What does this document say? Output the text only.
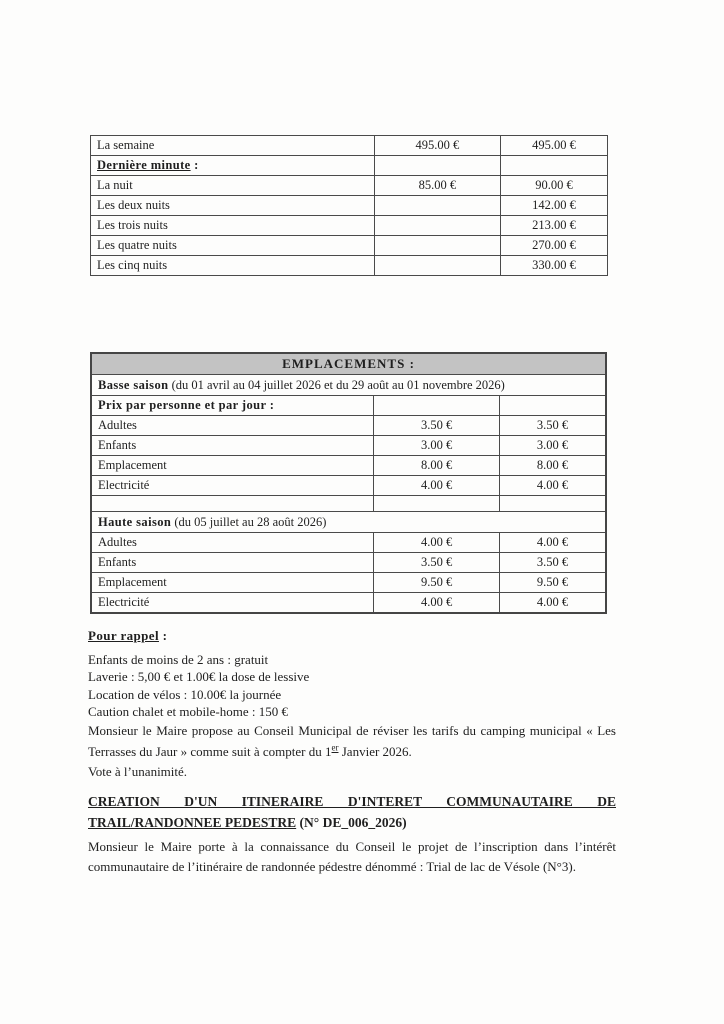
La semaine	495.00 €	495.00 €
Dernière minute :		
La nuit	85.00 €	90.00 €
Les deux nuits		142.00 €
Les trois nuits		213.00 €
Les quatre nuits		270.00 €
Les cinq nuits		330.00 €
EMPLACEMENTS :		
Basse saison (du 01 avril au 04 juillet 2026 et du 29 août au 01 novembre 2026)		
Prix par personne et par jour :		
Adultes	3.50 €	3.50 €
Enfants	3.00 €	3.00 €
Emplacement	8.00 €	8.00 €
Electricité	4.00 €	4.00 €

Haute saison (du 05 juillet au 28 août 2026)		
Adultes	4.00 €	4.00 €
Enfants	3.50 €	3.50 €
Emplacement	9.50 €	9.50 €
Electricité	4.00 €	4.00 €
Pour rappel :
Enfants de moins de 2 ans : gratuit
Laverie : 5,00 € et 1.00€ la dose de lessive
Location de vélos : 10.00€ la journée
Caution chalet et mobile-home : 150 €

Monsieur le Maire propose au Conseil Municipal de réviser les tarifs du camping municipal « Les Terrasses du Jaur » comme suit à compter du 1er Janvier 2026.

Vote à l’unanimité.
CREATION D'UN ITINERAIRE D'INTERET COMMUNAUTAIRE DE
TRAIL/RANDONNEE PEDESTRE (N° DE_006_2026)

Monsieur le Maire porte à la connaissance du Conseil le projet de l’inscription dans l’intérêt communautaire de l’itinéraire de randonnée pédestre dénommé : Trial de lac de Vésole (N°3).
